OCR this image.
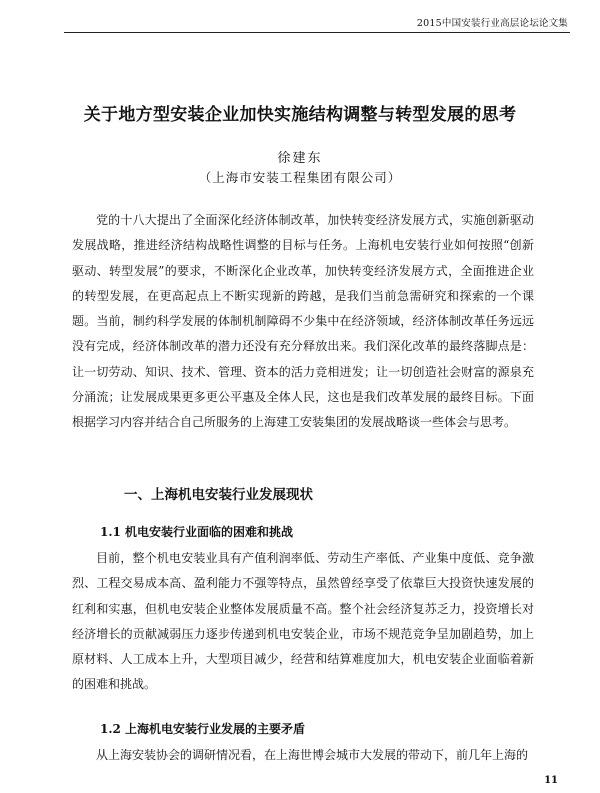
2015中国安装行业高层论坛论文集
关于地方型安装企业加快实施结构调整与转型发展的思考
徐建东
（上海市安装工程集团有限公司）

党的十八大提出了全面深化经济体制改革，加快转变经济发展方式，实施创新驱动发展战略，推进经济结构战略性调整的目标与任务。上海机电安装行业如何按照“创新驱动、转型发展”的要求，不断深化企业改革，加快转变经济发展方式，全面推进企业的转型发展，在更高起点上不断实现新的跨越，是我们当前急需研究和探索的一个课题。当前，制约科学发展的体制机制障碍不少集中在经济领域，经济体制改革任务远远没有完成，经济体制改革的潜力还没有充分释放出来。我们深化改革的最终落脚点是：让一切劳动、知识、技术、管理、资本的活力竞相迸发；让一切创造社会财富的源泉充分涌流；让发展成果更多更公平惠及全体人民，这也是我们改革发展的最终目标。下面根据学习内容并结合自己所服务的上海建工安装集团的发展战略谈一些体会与思考。

一、上海机电安装行业发展现状
1.1 机电安装行业面临的困难和挑战

目前，整个机电安装业具有产值利润率低、劳动生产率低、产业集中度低、竞争激烈、工程交易成本高、盈利能力不强等特点，虽然曾经享受了依靠巨大投资快速发展的红利和实惠，但机电安装企业整体发展质量不高。整个社会经济复苏乏力，投资增长对经济增长的贡献减弱压力逐步传递到机电安装企业，市场不规范竞争呈加剧趋势，加上原材料、人工成本上升，大型项目减少，经营和结算难度加大，机电安装企业面临着新的困难和挑战。

1.2 上海机电安装行业发展的主要矛盾

从上海安装协会的调研情况看，在上海世博会城市大发展的带动下，前几年上海的

11
